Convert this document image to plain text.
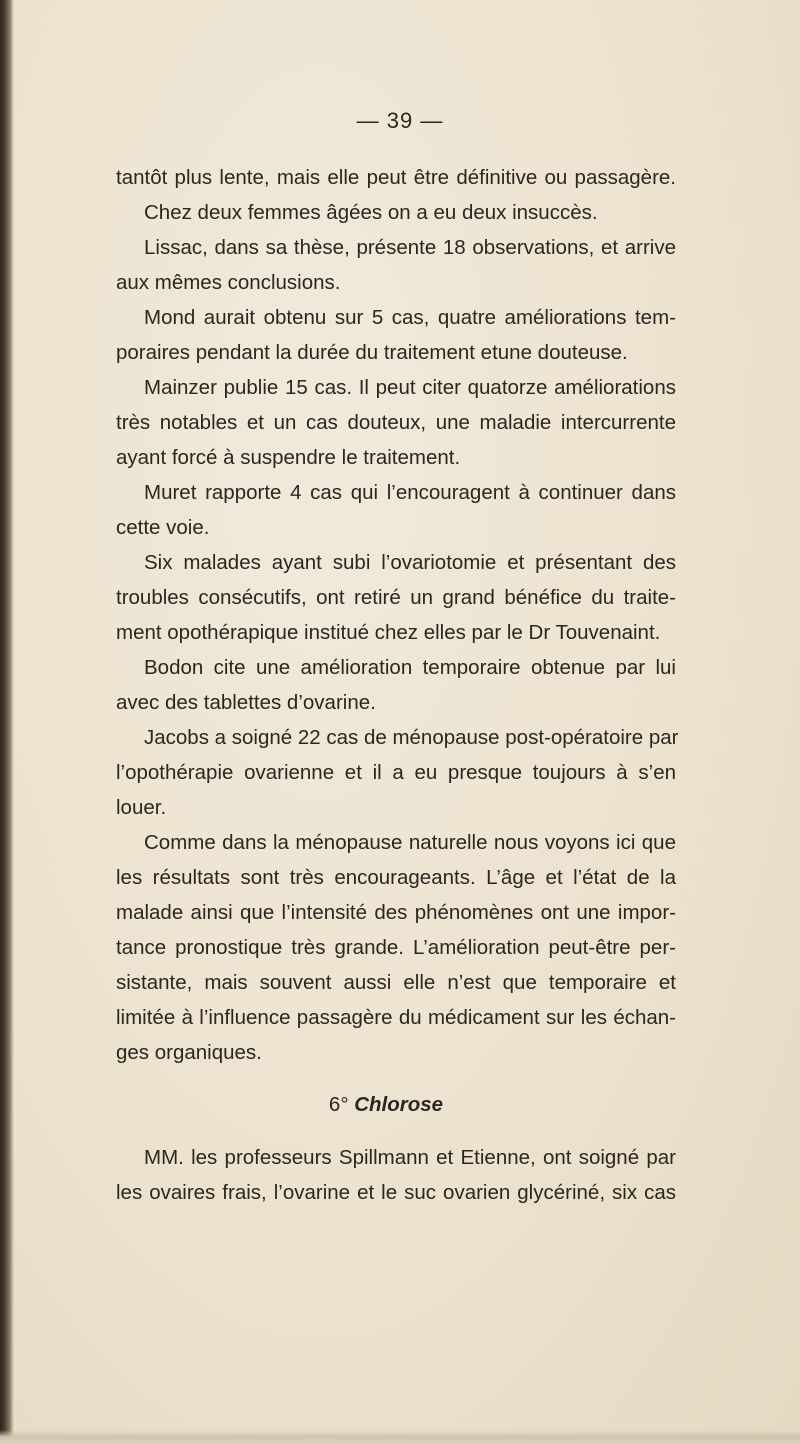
— 39 —
tantôt plus lente, mais elle peut être définitive ou passagère.
Chez deux femmes âgées on a eu deux insuccès.
Lissac, dans sa thèse, présente 18 observations, et arrive
aux mêmes conclusions.
Mond aurait obtenu sur 5 cas, quatre améliorations tem-
poraires pendant la durée du traitement etune douteuse.
Mainzer publie 15 cas. Il peut citer quatorze améliorations
très notables et un cas douteux, une maladie intercurrente
ayant forcé à suspendre le traitement.
Muret rapporte 4 cas qui l’encouragent à continuer dans
cette voie.
Six malades ayant subi l’ovariotomie et présentant des
troubles consécutifs, ont retiré un grand bénéfice du traite-
ment opothérapique institué chez elles par le Dr Touvenaint.
Bodon cite une amélioration temporaire obtenue par lui
avec des tablettes d’ovarine.
Jacobs a soigné 22 cas de ménopause post-opératoire par
l’opothérapie ovarienne et il a eu presque toujours à s’en
louer.
Comme dans la ménopause naturelle nous voyons ici que
les résultats sont très encourageants. L’âge et l’état de la
malade ainsi que l’intensité des phénomènes ont une impor-
tance pronostique très grande. L’amélioration peut-être per-
sistante, mais souvent aussi elle n’est que temporaire et
limitée à l’influence passagère du médicament sur les échan-
ges organiques.
6° Chlorose
MM. les professeurs Spillmann et Etienne, ont soigné par
les ovaires frais, l’ovarine et le suc ovarien glycériné, six cas
